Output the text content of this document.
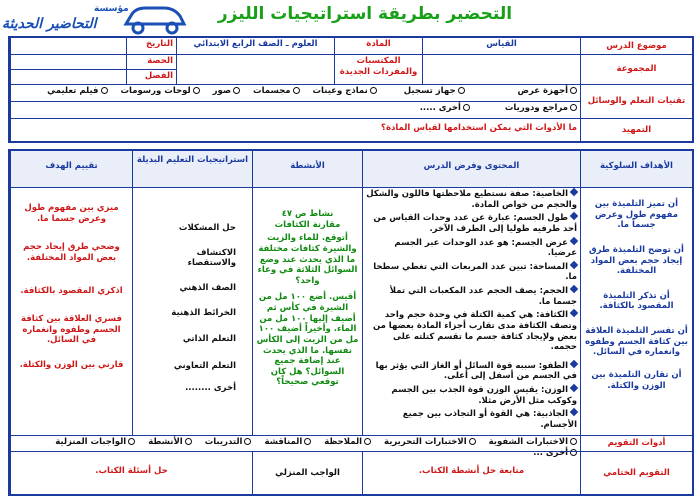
التحضير بطريقة استراتيجيات الليزر
مؤسسة
التحاضير الحديثة
موضوع الدرس
القياس
المادة
العلوم ـ الصف الرابع الابتدائي
التاريخ
المجموعة
المكتسبات والمفردات الجديدة
الحصة
الفصل
تقنيات التعلم والوسائل
أجهزة عرض جهاز تسجيل نماذج وعينات مجسمات صور لوحات ورسومات فيلم تعليمي
مراجع ودوريات أخرى .....
التمهيد
ما الأدوات التي يمكن استخدامها لقياس المادة؟
الأهداف السلوكية
المحتوى وفرض الدرس
الأنشطة
استراتيجيات التعليم البديلة
تقييم الهدف

أن تميز التلميذة بين مفهوم طول وعرض جسماً ما.

أن توضح التلميذة طرق إيجاد حجم بعض المواد المختلفة.

أن تذكر التلميذة المقصود بالكثافة.

أن تفسر التلميذة العلاقة بين كثافة الجسم وطفوه وانغماره في السائل.

أن تقارن التلميذة بين الوزن والكتلة.

الخاصية: صفة نستطيع ملاحظتها فاللون والشكل والحجم من خواص المادة.

طول الجسم: عبارة عن عدد وحدات القياس من أحد طرفيه طوليا إلى الطرف الآخر.

عرض الجسم: هو عدد الوحدات عبر الجسم عرضيا.

المساحة: تبين عدد المربعات التي تغطي سطحا ما.

الحجم: يصف الحجم عدد المكعبات التي تملأ جسما ما.

الكثافة: هي كمية الكتلة في وحدة حجم واحد وتصف الكثافة مدى تقارب أجزاء المادة بعضها من بعض ولإيجاد كثافة جسم ما تقسم كتلته على حجمه.

الطفو: سببه قوة السائل أو الغاز التي يؤثر بها في الجسم من أسفل إلى أعلى.

الوزن: يقيس الوزن قوة الجذب بين الجسم وكوكب مثل الأرض مثلا.

الجاذبية: هي القوة أو التجاذب بين جميع الأجسام.

نشاط ص ٤٧

مقارنة الكثافات

أتوقع. للماء والزيت والشيرة كثافات مختلفة ما الذي يحدث عند وضع السوائل الثلاثة في وعاء واحد؟

أقيس. أضع ١٠٠ مل من الشيرة في كأس ثم أضيف إليها ١٠٠ مل من الماء. وأخيراً أضيف ١٠٠ مل من الزيت إلى الكأس نفسها. ما الذي يحدث عند إضافة جميع السوائل؟ هل كان توقعي صحيحاً؟

حل المشكلات

الاكتشاف والاستقصاء

الصف الذهني

الخرائط الذهنية

التعلم الذاتي

التعلم التعاوني

أخرى ........

ميزي بين مفهوم طول وعرض جسما ما.

وضحي طرق إيجاد حجم بعض المواد المختلفة.

اذكري المقصود بالكثافة.

فسري العلاقة بين كثافة الجسم وطفوه وانغماره في السائل.

قارني بين الوزن والكتلة.

أدوات التقويم
الاختبارات الشفوية الاختبارات التحريرية الملاحظة المناقشة التدريبات الأنشطة الواجبات المنزلية أخرى ...
التقويم الختامي
متابعة حل أنشطة الكتاب.
الواجب المنزلي
حل أسئلة الكتاب.
